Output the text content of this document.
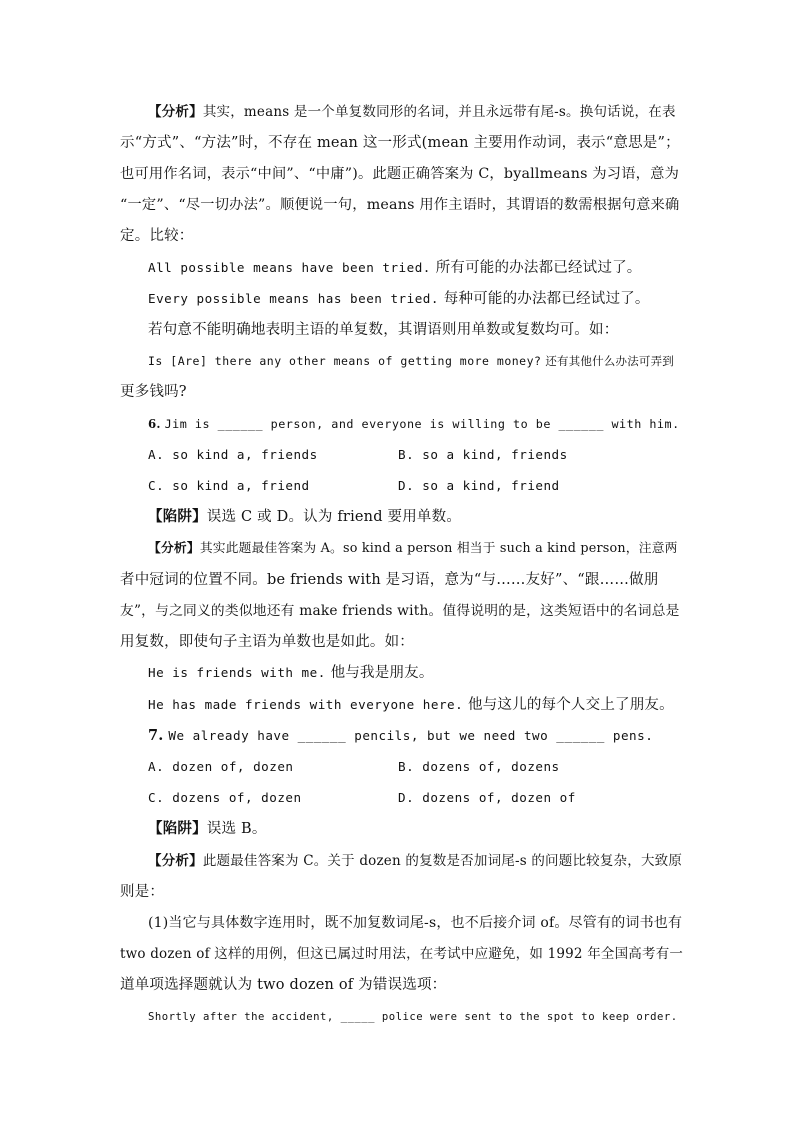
【分析】其实，means 是一个单复数同形的名词，并且永远带有尾-s。换句话说，在表
示“方式”、“方法”时，不存在 mean 这一形式(mean 主要用作动词，表示“意思是”；
也可用作名词，表示“中间”、“中庸”)。此题正确答案为 C，byallmeans 为习语，意为
“一定”、“尽一切办法”。顺便说一句，means 用作主语时，其谓语的数需根据句意来确
定。比较：
All possible means have been tried. 所有可能的办法都已经试过了。
Every possible means has been tried. 每种可能的办法都已经试过了。
若句意不能明确地表明主语的单复数，其谓语则用单数或复数均可。如：
Is [Are] there any other means of getting more money? 还有其他什么办法可弄到
更多钱吗?
6. Jim is ______ person, and everyone is willing to be ______ with him.
A. so kind a, friends	B. so a kind, friends
C. so kind a, friend	D. so a kind, friend
【陷阱】误选 C 或 D。认为 friend 要用单数。
【分析】其实此题最佳答案为 A。so kind a person 相当于 such a kind person，注意两
者中冠词的位置不同。be friends with 是习语，意为“与……友好”、“跟……做朋
友”，与之同义的类似地还有 make friends with。值得说明的是，这类短语中的名词总是
用复数，即使句子主语为单数也是如此。如：
He is friends with me. 他与我是朋友。
He has made friends with everyone here. 他与这儿的每个人交上了朋友。
7. We already have ______ pencils, but we need two ______ pens.
A. dozen of, dozen	B. dozens of, dozens
C. dozens of, dozen	D. dozens of, dozen of
【陷阱】误选 B。
【分析】此题最佳答案为 C。关于 dozen 的复数是否加词尾-s 的问题比较复杂，大致原
则是：
(1)当它与具体数字连用时，既不加复数词尾-s，也不后接介词 of。尽管有的词书也有
two dozen of 这样的用例，但这已属过时用法，在考试中应避免，如 1992 年全国高考有一
道单项选择题就认为 two dozen of 为错误选项：
Shortly after the accident, _____ police were sent to the spot to keep order.
